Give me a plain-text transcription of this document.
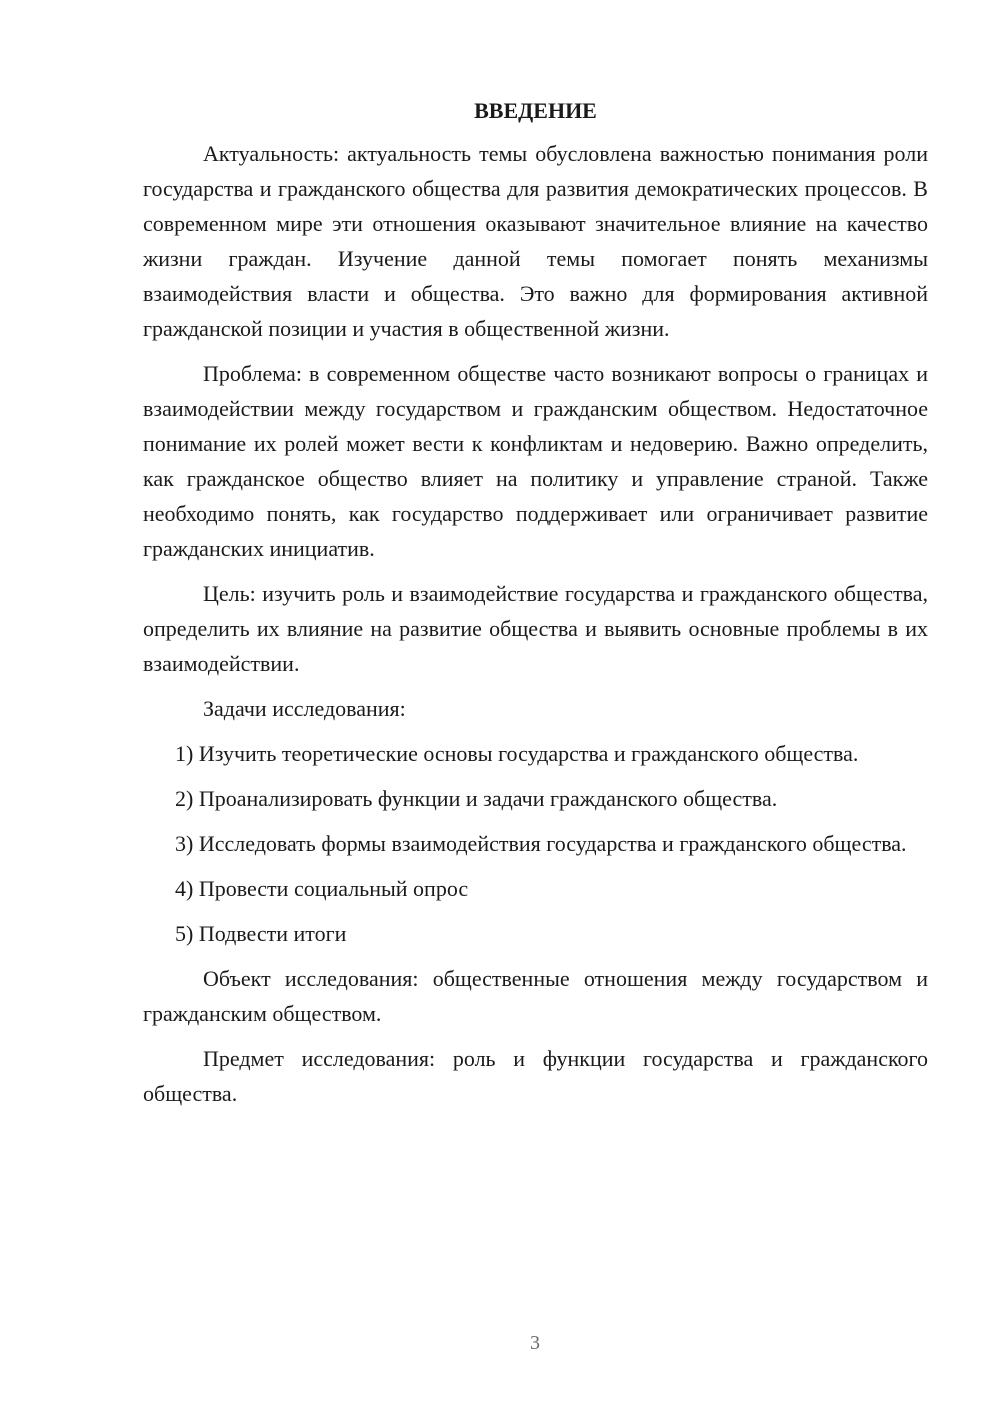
ВВЕДЕНИЕ

Актуальность: актуальность темы обусловлена важностью понимания роли государства и гражданского общества для развития демократических процессов. В современном мире эти отношения оказывают значительное влияние на качество жизни граждан. Изучение данной темы помогает понять механизмы взаимодействия власти и общества. Это важно для формирования активной гражданской позиции и участия в общественной жизни.

Проблема: в современном обществе часто возникают вопросы о границах и взаимодействии между государством и гражданским обществом. Недостаточное понимание их ролей может вести к конфликтам и недоверию. Важно определить, как гражданское общество влияет на политику и управление страной. Также необходимо понять, как государство поддерживает или ограничивает развитие гражданских инициатив.

Цель: изучить роль и взаимодействие государства и гражданского общества, определить их влияние на развитие общества и выявить основные проблемы в их взаимодействии.

Задачи исследования:

1) Изучить теоретические основы государства и гражданского общества.

2) Проанализировать функции и задачи гражданского общества.

3) Исследовать формы взаимодействия государства и гражданского общества.

4) Провести социальный опрос

5) Подвести итоги

Объект исследования: общественные отношения между государством и гражданским обществом.

Предмет исследования: роль и функции государства и гражданского общества.

3
